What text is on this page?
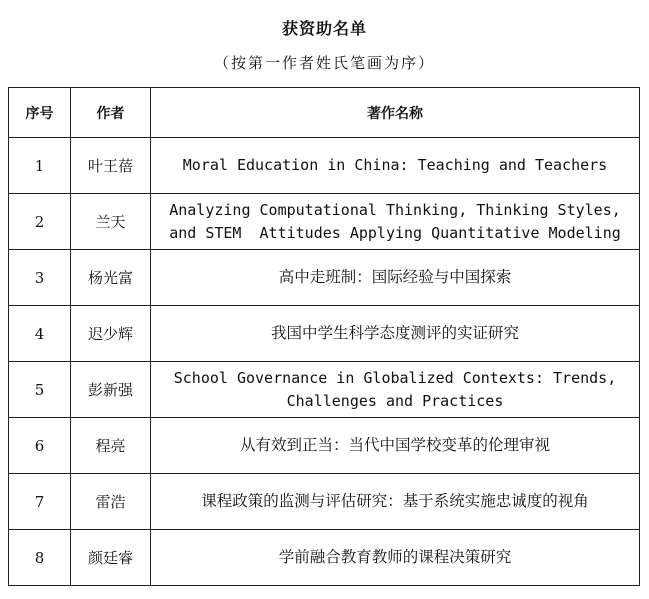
获资助名单
（按第一作者姓氏笔画为序）
序号	作者	著作名称
1	叶王蓓	Moral Education in China: Teaching and Teachers

2	兰天	Analyzing Computational Thinking, Thinking Styles,
and STEM  Attitudes Applying Quantitative Modeling

3	杨光富	高中走班制：国际经验与中国探索

4	迟少辉	我国中学生科学态度测评的实证研究

5	彭新强	School Governance in Globalized Contexts: Trends,
Challenges and Practices

6	程亮	从有效到正当：当代中国学校变革的伦理审视

7	雷浩	课程政策的监测与评估研究：基于系统实施忠诚度的视角

8	颜廷睿	学前融合教育教师的课程决策研究
